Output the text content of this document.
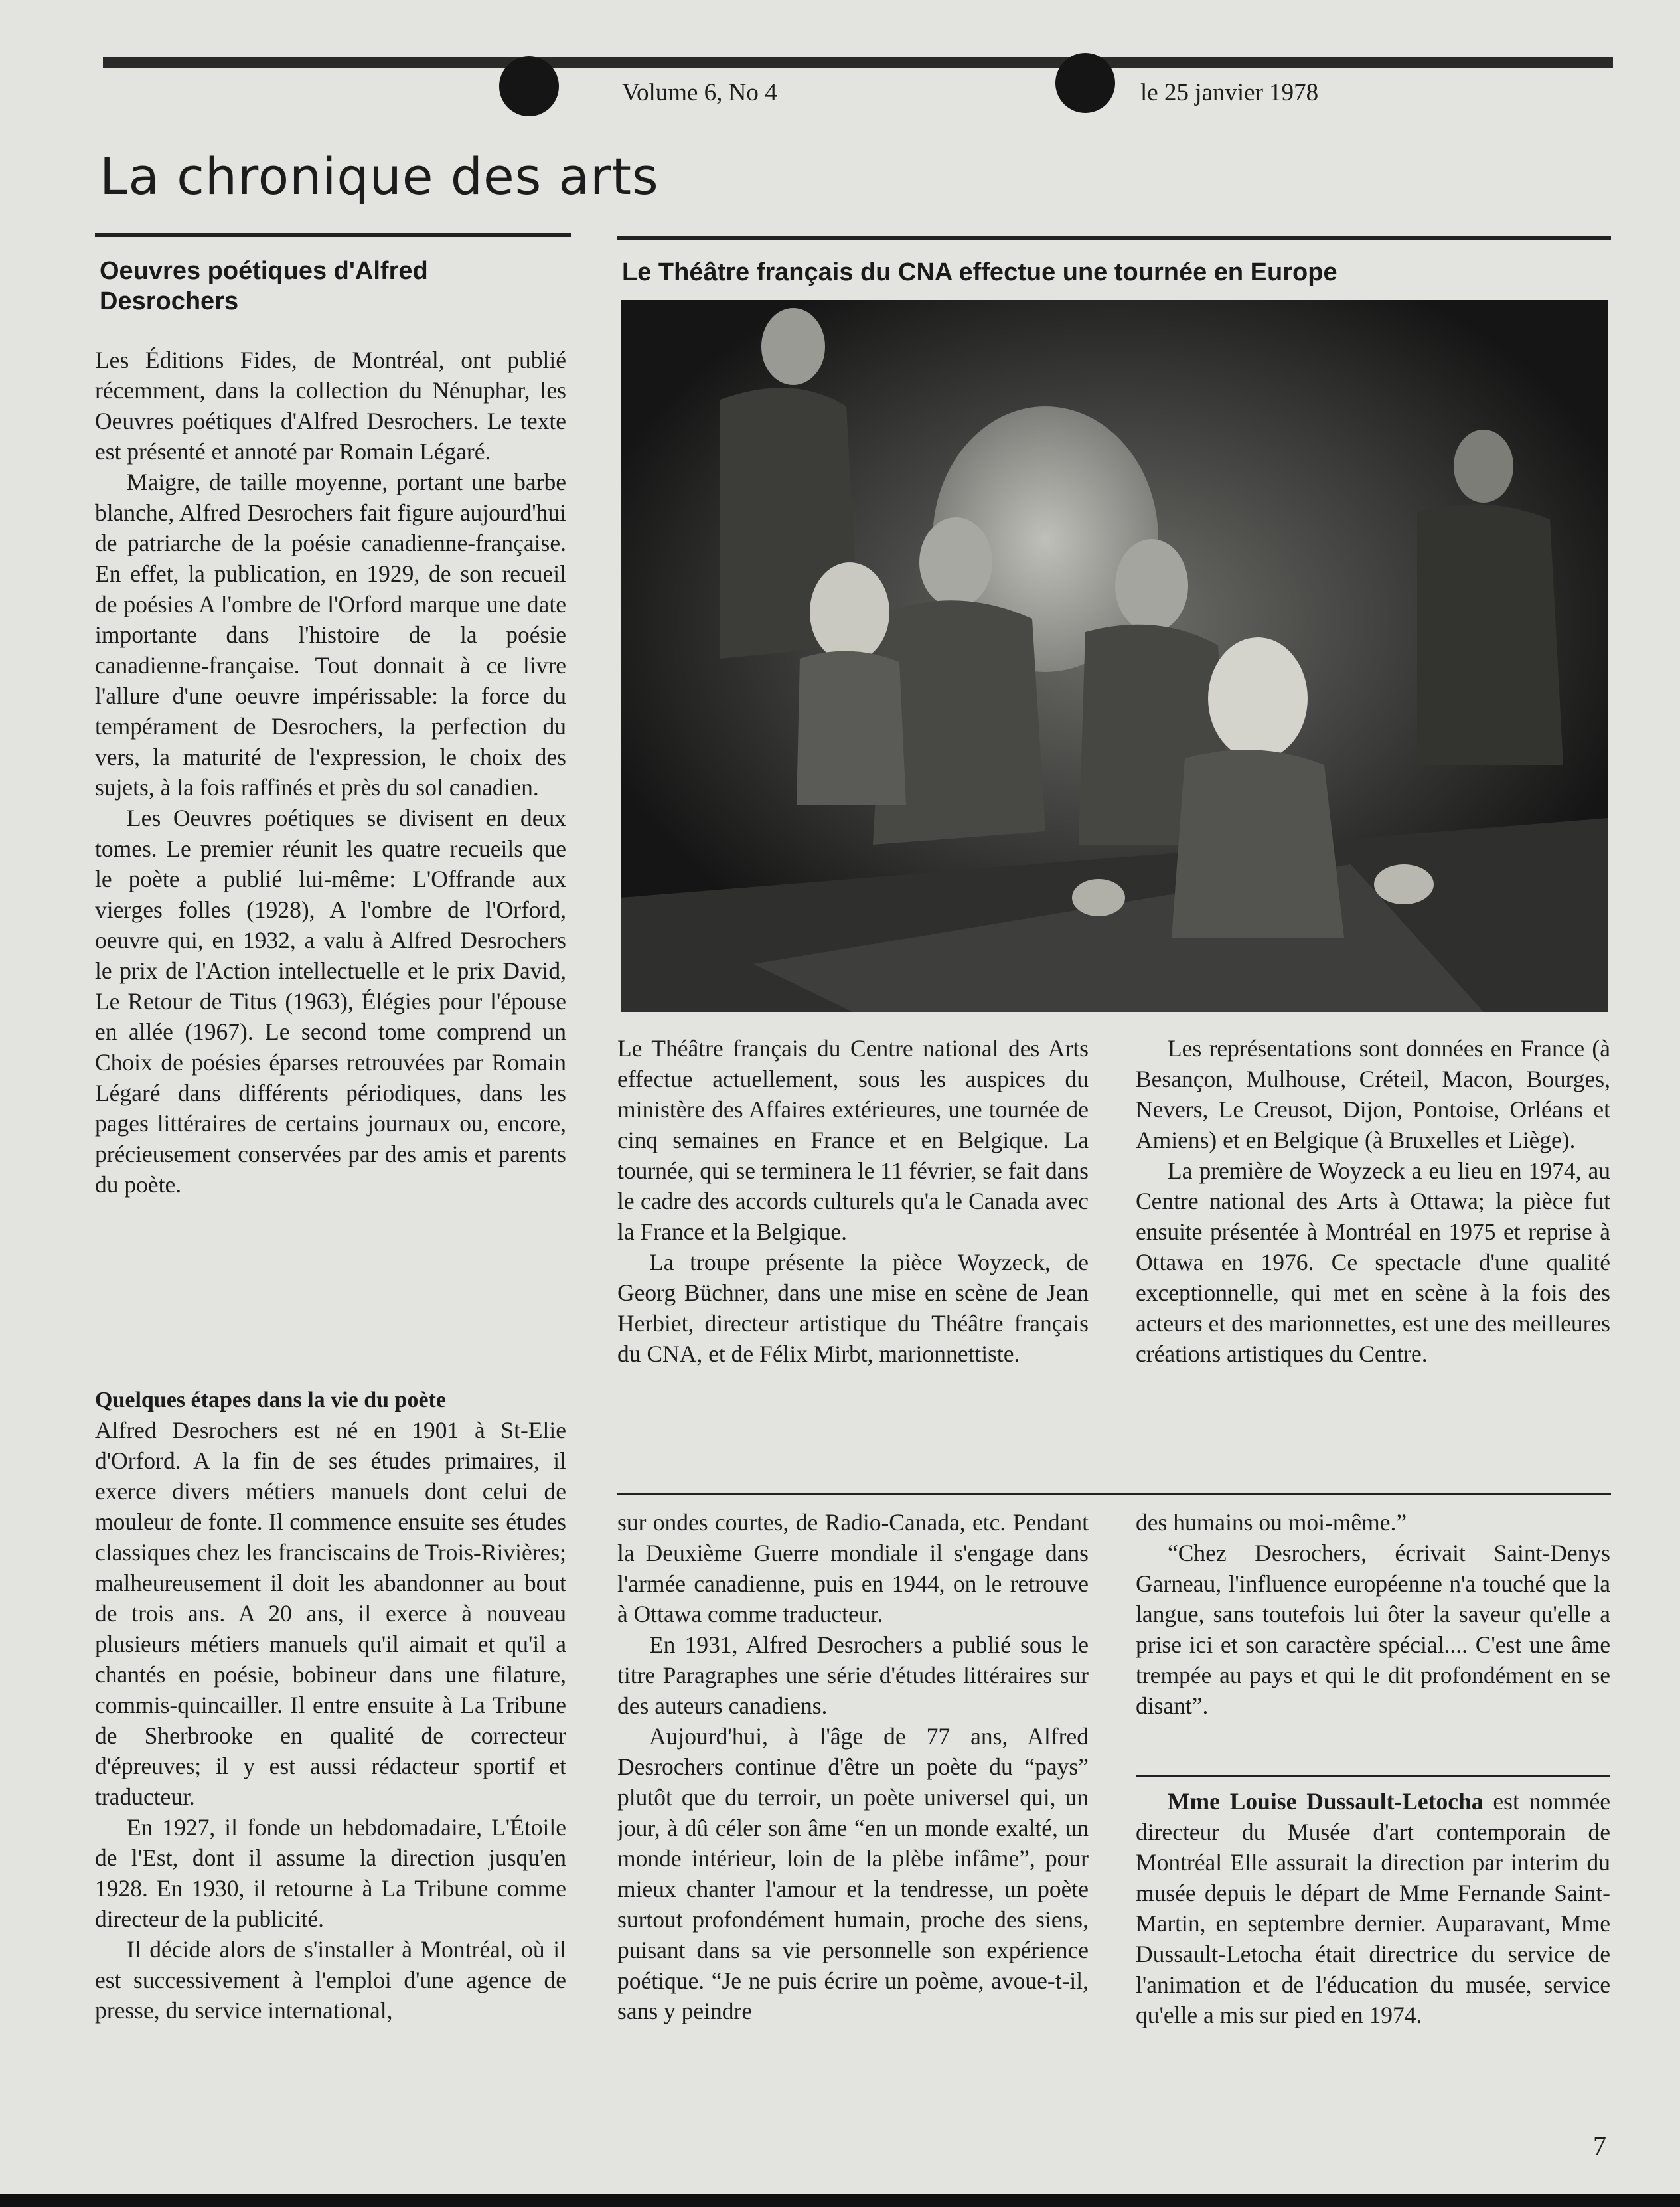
Volume 6, No 4	le 25 janvier 1978
La chronique des arts
Oeuvres poétiques d'Alfred Desrochers

Les Éditions Fides, de Montréal, ont publié récemment, dans la collection du Nénuphar, les Oeuvres poétiques d'Alfred Desrochers. Le texte est présenté et annoté par Romain Légaré.

Maigre, de taille moyenne, portant une barbe blanche, Alfred Desrochers fait figure aujourd'hui de patriarche de la poésie canadienne-française. En effet, la publication, en 1929, de son recueil de poésies A l'ombre de l'Orford marque une date importante dans l'histoire de la poésie canadienne-française. Tout donnait à ce livre l'allure d'une oeuvre impérissable: la force du tempérament de Desrochers, la perfection du vers, la maturité de l'expression, le choix des sujets, à la fois raffinés et près du sol canadien.

Les Oeuvres poétiques se divisent en deux tomes. Le premier réunit les quatre recueils que le poète a publié lui-même: L'Offrande aux vierges folles (1928), A l'ombre de l'Orford, oeuvre qui, en 1932, a valu à Alfred Desrochers le prix de l'Action intellectuelle et le prix David, Le Retour de Titus (1963), Élégies pour l'épouse en allée (1967). Le second tome comprend un Choix de poésies éparses retrouvées par Romain Légaré dans différents périodiques, dans les pages littéraires de certains journaux ou, encore, précieusement conservées par des amis et parents du poète.

Quelques étapes dans la vie du poète

Alfred Desrochers est né en 1901 à St-Elie d'Orford. A la fin de ses études primaires, il exerce divers métiers manuels dont celui de mouleur de fonte. Il commence ensuite ses études classiques chez les franciscains de Trois-Rivières; malheureusement il doit les abandonner au bout de trois ans. A 20 ans, il exerce à nouveau plusieurs métiers manuels qu'il aimait et qu'il a chantés en poésie, bobineur dans une filature, commis-quincailler. Il entre ensuite à La Tribune de Sherbrooke en qualité de correcteur d'épreuves; il y est aussi rédacteur sportif et traducteur.

En 1927, il fonde un hebdomadaire, L'Étoile de l'Est, dont il assume la direction jusqu'en 1928. En 1930, il retourne à La Tribune comme directeur de la publicité.

Il décide alors de s'installer à Montréal, où il est successivement à l'emploi d'une agence de presse, du service international,

Le Théâtre français du CNA effectue une tournée en Europe

Le Théâtre français du Centre national des Arts effectue actuellement, sous les auspices du ministère des Affaires extérieures, une tournée de cinq semaines en France et en Belgique. La tournée, qui se terminera le 11 février, se fait dans le cadre des accords culturels qu'a le Canada avec la France et la Belgique.

La troupe présente la pièce Woyzeck, de Georg Büchner, dans une mise en scène de Jean Herbiet, directeur artistique du Théâtre français du CNA, et de Félix Mirbt, marionnettiste.

Les représentations sont données en France (à Besançon, Mulhouse, Créteil, Macon, Bourges, Nevers, Le Creusot, Dijon, Pontoise, Orléans et Amiens) et en Belgique (à Bruxelles et Liège).

La première de Woyzeck a eu lieu en 1974, au Centre national des Arts à Ottawa; la pièce fut ensuite présentée à Montréal en 1975 et reprise à Ottawa en 1976. Ce spectacle d'une qualité exceptionnelle, qui met en scène à la fois des acteurs et des marionnettes, est une des meilleures créations artistiques du Centre.

sur ondes courtes, de Radio-Canada, etc. Pendant la Deuxième Guerre mondiale il s'engage dans l'armée canadienne, puis en 1944, on le retrouve à Ottawa comme traducteur.

En 1931, Alfred Desrochers a publié sous le titre Paragraphes une série d'études littéraires sur des auteurs canadiens.

Aujourd'hui, à l'âge de 77 ans, Alfred Desrochers continue d'être un poète du “pays” plutôt que du terroir, un poète universel qui, un jour, à dû céler son âme “en un monde exalté, un monde intérieur, loin de la plèbe infâme”, pour mieux chanter l'amour et la tendresse, un poète surtout profondément humain, proche des siens, puisant dans sa vie personnelle son expérience poétique. “Je ne puis écrire un poème, avoue-t-il, sans y peindre

des humains ou moi-même.”

“Chez Desrochers, écrivait Saint-Denys Garneau, l'influence européenne n'a touché que la langue, sans toutefois lui ôter la saveur qu'elle a prise ici et son caractère spécial.... C'est une âme trempée au pays et qui le dit profondément en se disant”.

Mme Louise Dussault-Letocha est nommée directeur du Musée d'art contemporain de Montréal Elle assurait la direction par interim du musée depuis le départ de Mme Fernande Saint-Martin, en septembre dernier. Auparavant, Mme Dussault-Letocha était directrice du service de l'animation et de l'éducation du musée, service qu'elle a mis sur pied en 1974.

7
